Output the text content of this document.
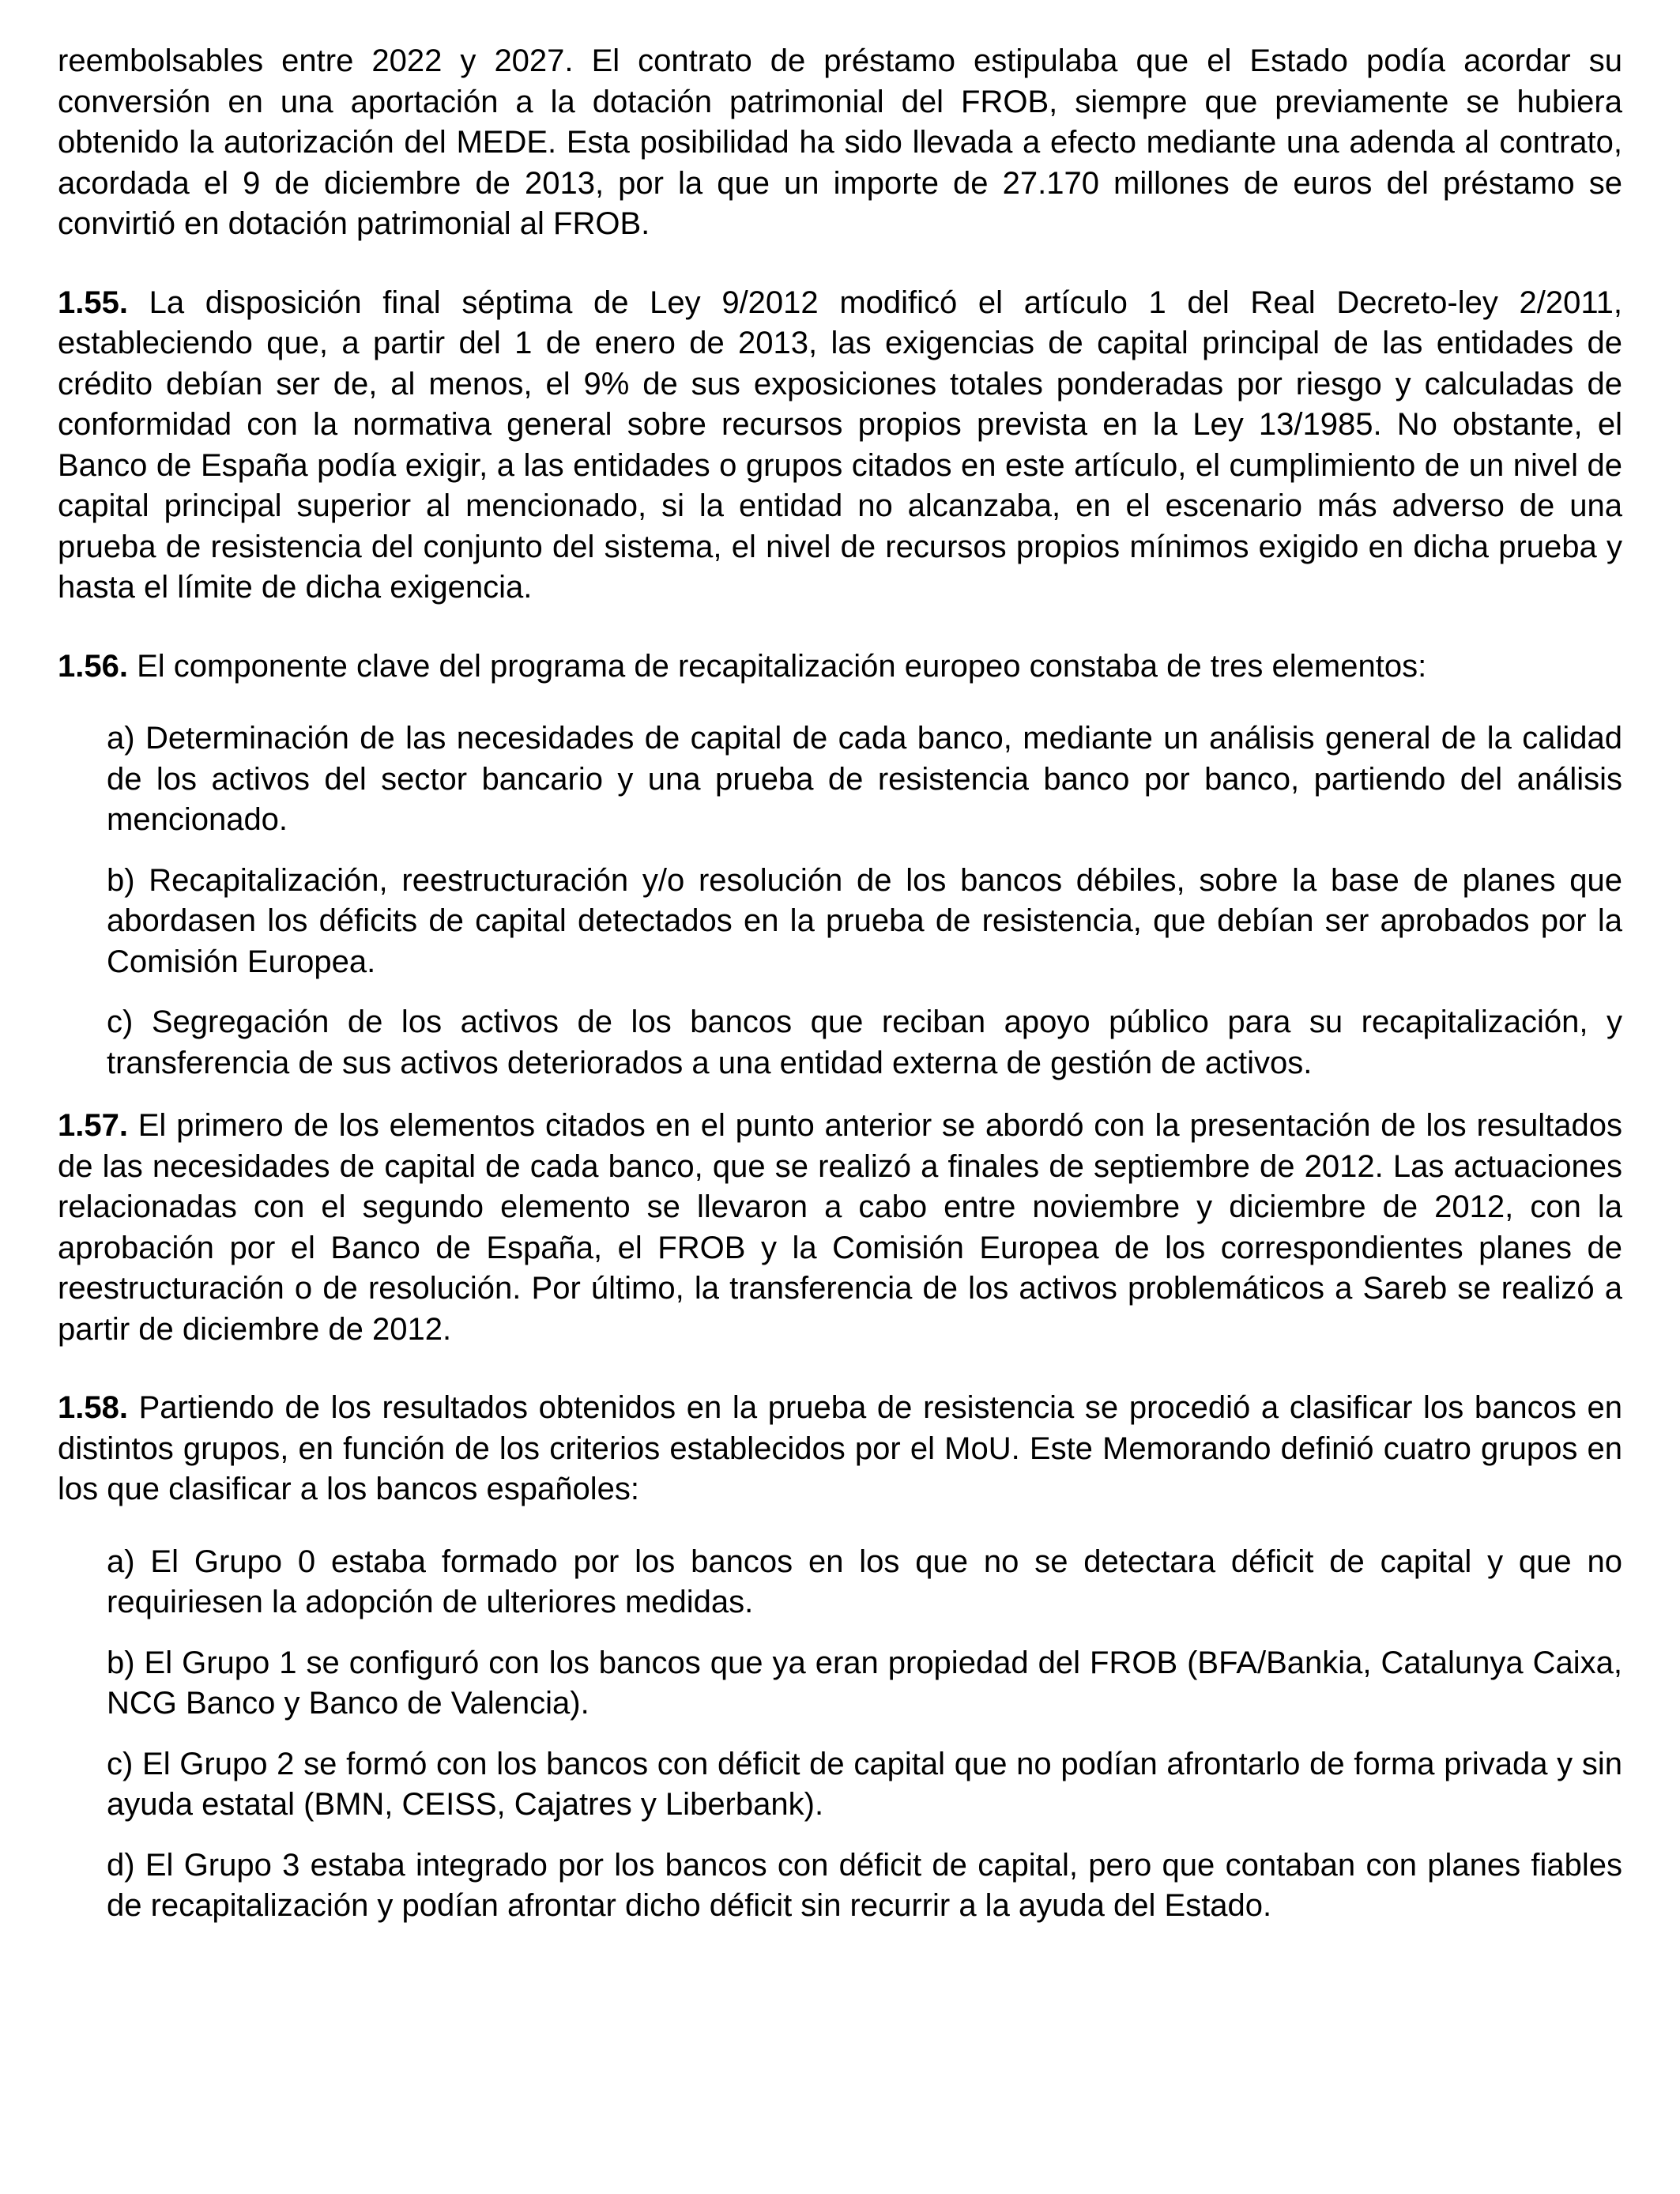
reembolsables entre 2022 y 2027. El contrato de préstamo estipulaba que el Estado podía acordar su conversión en una aportación a la dotación patrimonial del FROB, siempre que previamente se hubiera obtenido la autorización del MEDE. Esta posibilidad ha sido llevada a efecto mediante una adenda al contrato, acordada el 9 de diciembre de 2013, por la que un importe de 27.170 millones de euros del préstamo se convirtió en dotación patrimonial al FROB.

1.55. La disposición final séptima de Ley 9/2012 modificó el artículo 1 del Real Decreto-ley 2/2011, estableciendo que, a partir del 1 de enero de 2013, las exigencias de capital principal de las entidades de crédito debían ser de, al menos, el 9% de sus exposiciones totales ponderadas por riesgo y calculadas de conformidad con la normativa general sobre recursos propios prevista en la Ley 13/1985. No obstante, el Banco de España podía exigir, a las entidades o grupos citados en este artículo, el cumplimiento de un nivel de capital principal superior al mencionado, si la entidad no alcanzaba, en el escenario más adverso de una prueba de resistencia del conjunto del sistema, el nivel de recursos propios mínimos exigido en dicha prueba y hasta el límite de dicha exigencia.

1.56. El componente clave del programa de recapitalización europeo constaba de tres elementos:

a) Determinación de las necesidades de capital de cada banco, mediante un análisis general de la calidad de los activos del sector bancario y una prueba de resistencia banco por banco, partiendo del análisis mencionado.

b) Recapitalización, reestructuración y/o resolución de los bancos débiles, sobre la base de planes que abordasen los déficits de capital detectados en la prueba de resistencia, que debían ser aprobados por la Comisión Europea.

c) Segregación de los activos de los bancos que reciban apoyo público para su recapitalización, y transferencia de sus activos deteriorados a una entidad externa de gestión de activos.

1.57. El primero de los elementos citados en el punto anterior se abordó con la presentación de los resultados de las necesidades de capital de cada banco, que se realizó a finales de septiembre de 2012. Las actuaciones relacionadas con el segundo elemento se llevaron a cabo entre noviembre y diciembre de 2012, con la aprobación por el Banco de España, el FROB y la Comisión Europea de los correspondientes planes de reestructuración o de resolución. Por último, la transferencia de los activos problemáticos a Sareb se realizó a partir de diciembre de 2012.

1.58. Partiendo de los resultados obtenidos en la prueba de resistencia se procedió a clasificar los bancos en distintos grupos, en función de los criterios establecidos por el MoU. Este Memorando definió cuatro grupos en los que clasificar a los bancos españoles:

a) El Grupo 0 estaba formado por los bancos en los que no se detectara déficit de capital y que no requiriesen la adopción de ulteriores medidas.

b) El Grupo 1 se configuró con los bancos que ya eran propiedad del FROB (BFA/Bankia, Catalunya Caixa, NCG Banco y Banco de Valencia).

c) El Grupo 2 se formó con los bancos con déficit de capital que no podían afrontarlo de forma privada y sin ayuda estatal (BMN, CEISS, Cajatres y Liberbank).

d) El Grupo 3 estaba integrado por los bancos con déficit de capital, pero que contaban con planes fiables de recapitalización y podían afrontar dicho déficit sin recurrir a la ayuda del Estado.
